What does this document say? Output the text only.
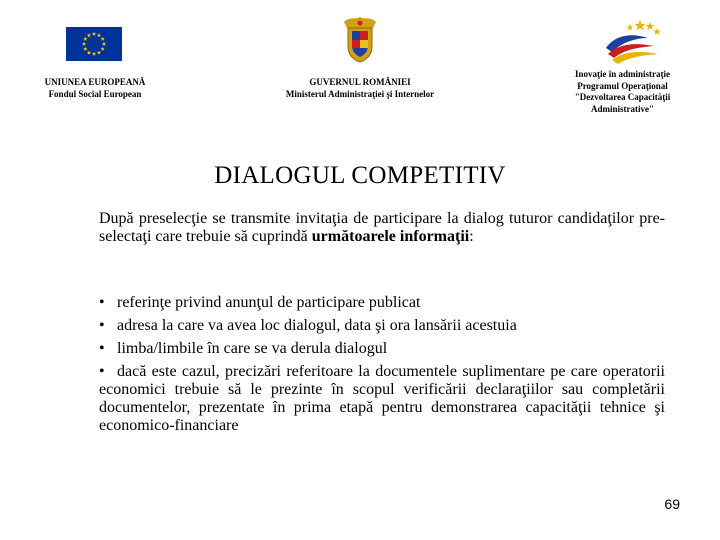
UNIUNEA EUROPEANĂ
Fondul Social European
GUVERNUL ROMÂNIEI
Ministerul Administraţiei şi Internelor
Inovaţie în administraţie
Programul Operaţional
"Dezvoltarea Capacităţii
Administrative"
DIALOGUL COMPETITIV
După preselecţie se transmite invitaţia de participare la dialog tuturor candidaţilor pre-selectaţi care trebuie să cuprindă următoarele informaţii:
• referinţe privind anunţul de participare publicat
• adresa la care va avea loc dialogul, data şi ora lansării acestuia
• limba/limbile în care se va derula dialogul
• dacă este cazul, precizări referitoare la documentele suplimentare pe care operatorii economici trebuie să le prezinte în scopul verificării declaraţiilor sau completării documentelor, prezentate în prima etapă pentru demonstrarea capacităţii tehnice şi economico-financiare
69
